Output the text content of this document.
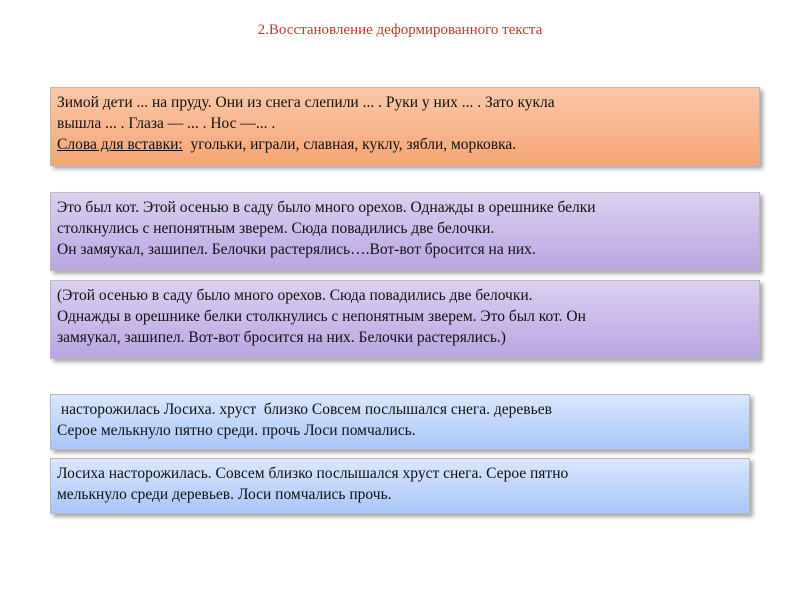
2.Восстановление деформированного текста
Зимой дети ... на пруду. Они из снега слепили ... . Руки у них ... . Зато кукла
вышла ... . Глаза — ... . Нос —... .
Слова для вставки:  угольки, играли, славная, куклу, зябли, морковка.
Это был кот. Этой осенью в саду было много орехов. Однажды в орешнике белки
столкнулись с непонятным зверем. Сюда повадились две белочки.
Он замяукал, зашипел. Белочки растерялись….Вот-вот бросится на них.
(Этой осенью в саду было много орехов. Сюда повадились две белочки.
Однажды в орешнике белки столкнулись с непонятным зверем. Это был кот. Он
замяукал, зашипел. Вот-вот бросится на них. Белочки растерялись.)
насторожилась Лосиха. хруст  близко Совсем послышался снега. деревьев
Серое мелькнуло пятно среди. прочь Лоси помчались.
Лосиха насторожилась. Совсем близко послышался хруст снега. Серое пятно
мелькнуло среди деревьев. Лоси помчались прочь.
